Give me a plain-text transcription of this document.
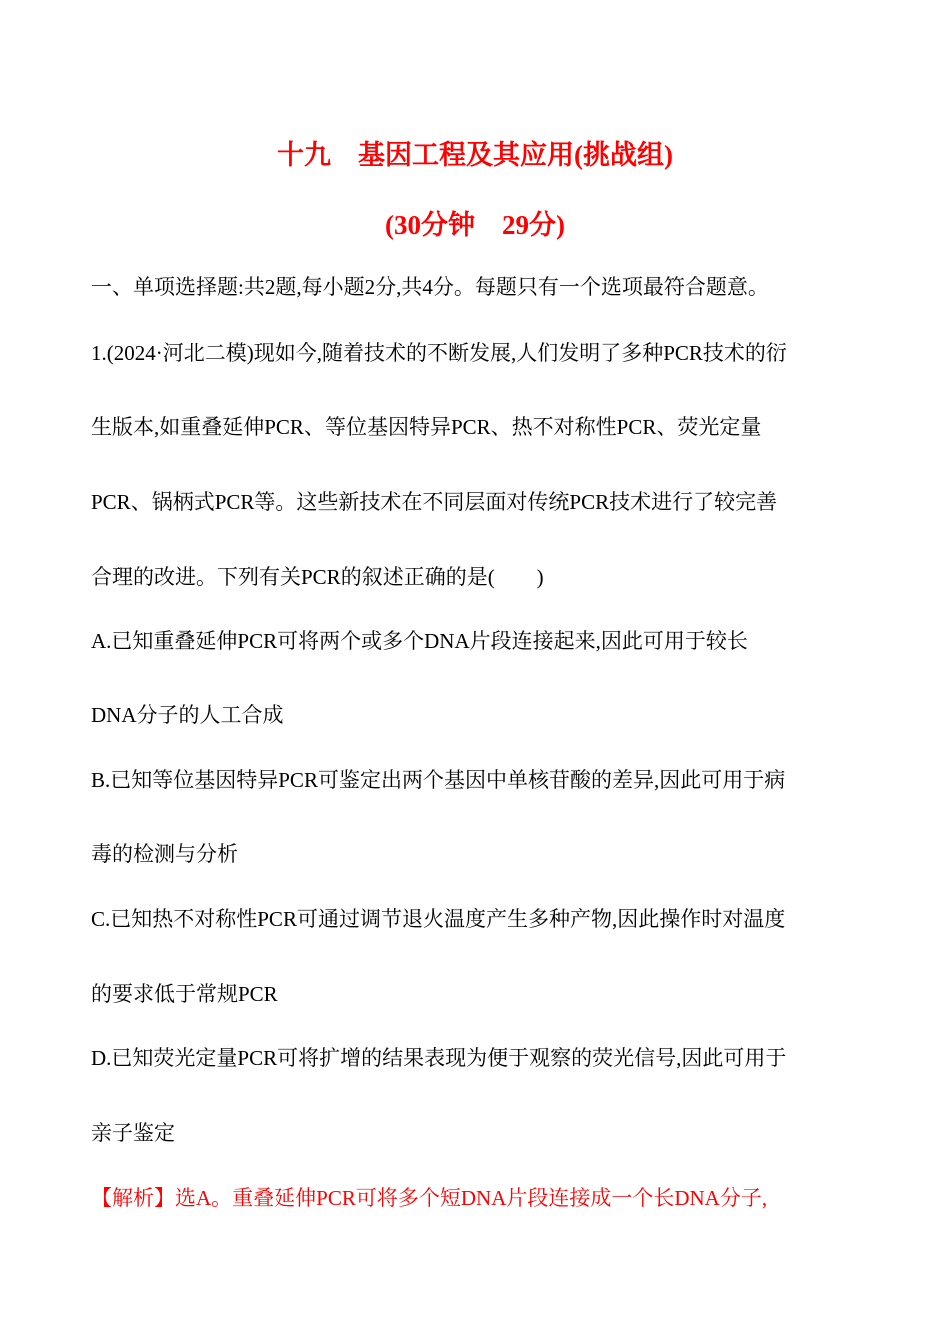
十九　基因工程及其应用(挑战组)
(30分钟　29分)
一、单项选择题:共2题,每小题2分,共4分。每题只有一个选项最符合题意。
1.(2024·河北二模)现如今,随着技术的不断发展,人们发明了多种PCR技术的衍
生版本,如重叠延伸PCR、等位基因特异PCR、热不对称性PCR、荧光定量
PCR、锅柄式PCR等。这些新技术在不同层面对传统PCR技术进行了较完善
合理的改进。下列有关PCR的叙述正确的是(　　)
A.已知重叠延伸PCR可将两个或多个DNA片段连接起来,因此可用于较长
DNA分子的人工合成
B.已知等位基因特异PCR可鉴定出两个基因中单核苷酸的差异,因此可用于病
毒的检测与分析
C.已知热不对称性PCR可通过调节退火温度产生多种产物,因此操作时对温度
的要求低于常规PCR
D.已知荧光定量PCR可将扩增的结果表现为便于观察的荧光信号,因此可用于
亲子鉴定
【解析】选A。重叠延伸PCR可将多个短DNA片段连接成一个长DNA分子,
